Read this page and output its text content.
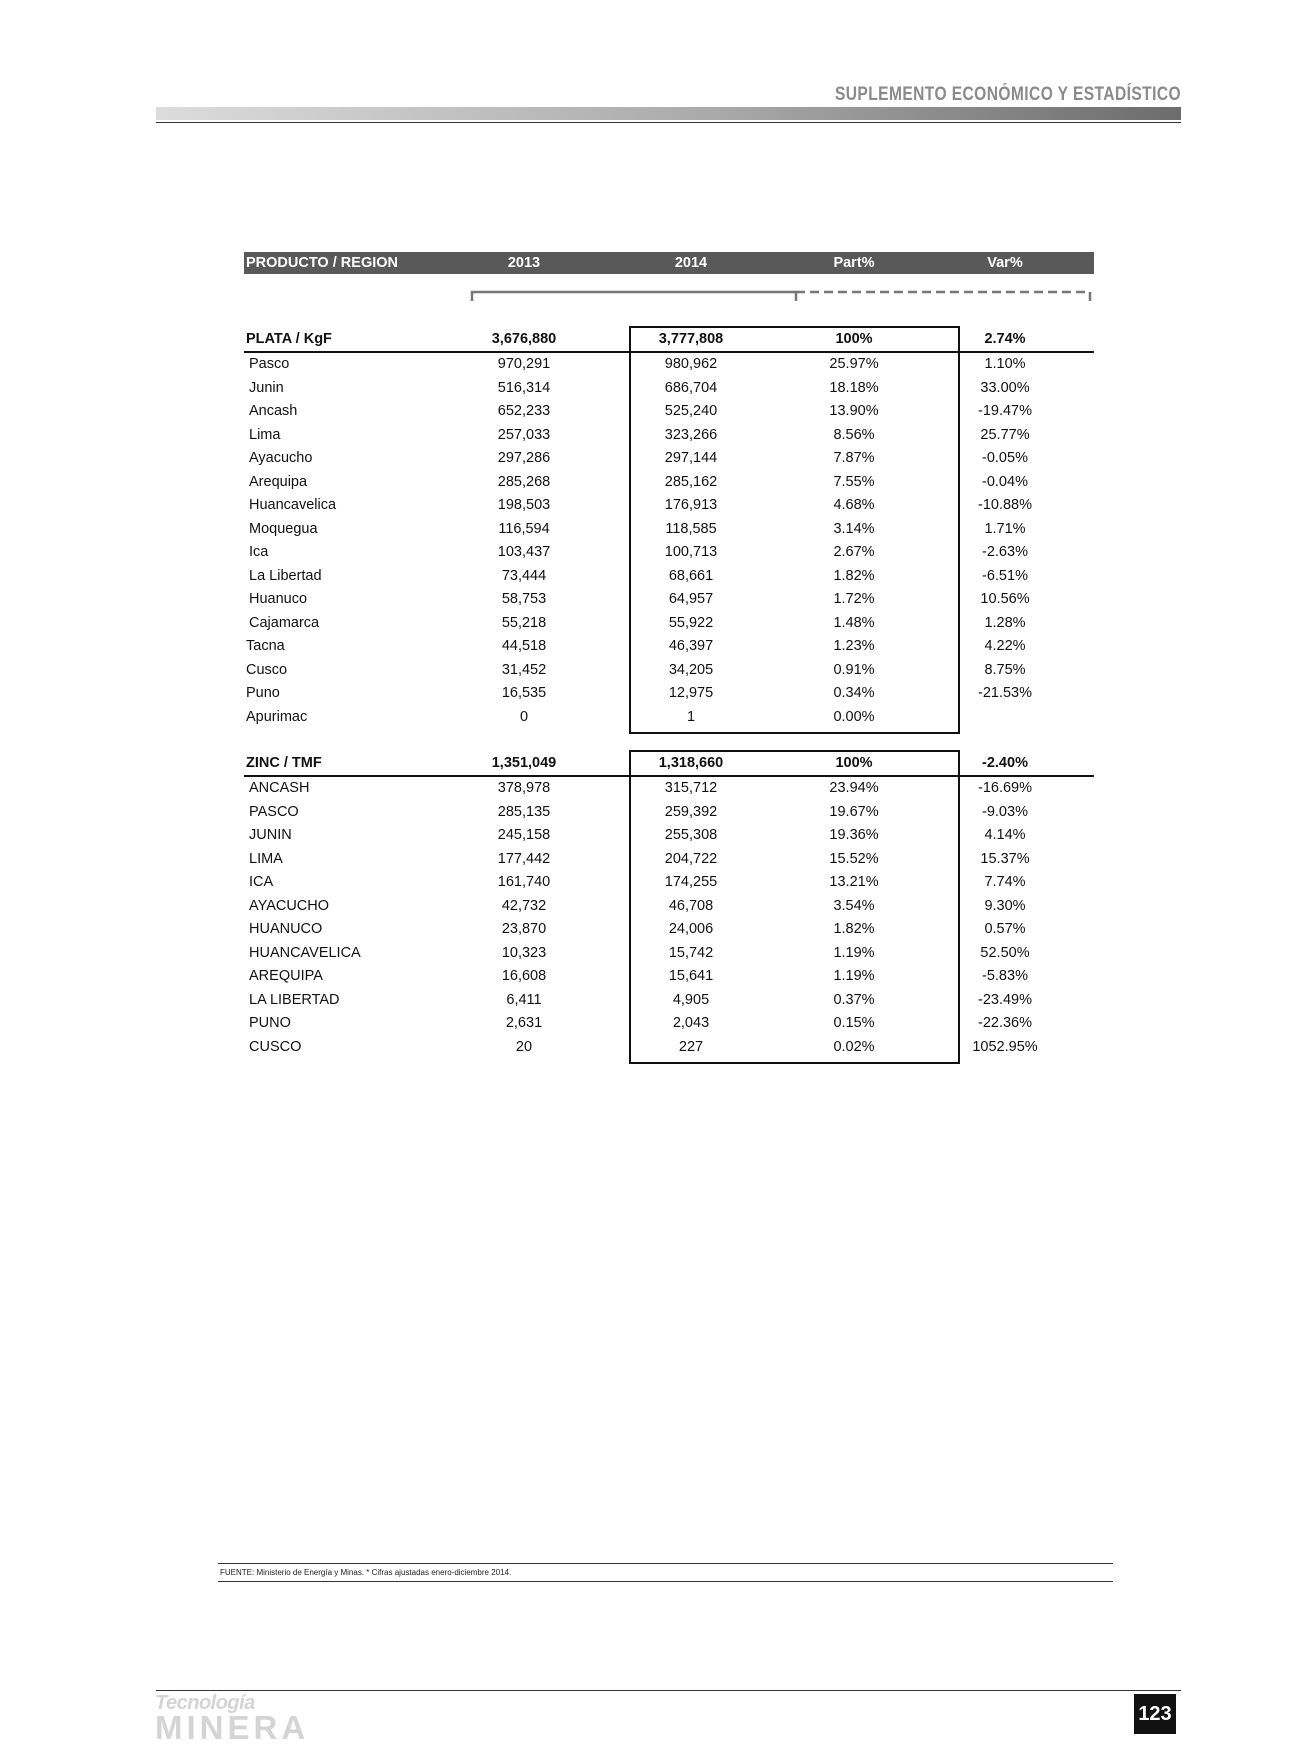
SUPLEMENTO ECONÓMICO Y ESTADÍSTICO
PRODUCTO / REGION	2013	2014	Part%	Var%
PLATA / KgF	3,676,880	3,777,808	100%	2.74%
Pasco	970,291	980,962	25.97%	1.10%
Junin	516,314	686,704	18.18%	33.00%
Ancash	652,233	525,240	13.90%	-19.47%
Lima	257,033	323,266	8.56%	25.77%
Ayacucho	297,286	297,144	7.87%	-0.05%
Arequipa	285,268	285,162	7.55%	-0.04%
Huancavelica	198,503	176,913	4.68%	-10.88%
Moquegua	116,594	118,585	3.14%	1.71%
Ica	103,437	100,713	2.67%	-2.63%
La Libertad	73,444	68,661	1.82%	-6.51%
Huanuco	58,753	64,957	1.72%	10.56%
Cajamarca	55,218	55,922	1.48%	1.28%
Tacna	44,518	46,397	1.23%	4.22%
Cusco	31,452	34,205	0.91%	8.75%
Puno	16,535	12,975	0.34%	-21.53%
Apurimac	0	1	0.00%
ZINC / TMF	1,351,049	1,318,660	100%	-2.40%
ANCASH	378,978	315,712	23.94%	-16.69%
PASCO	285,135	259,392	19.67%	-9.03%
JUNIN	245,158	255,308	19.36%	4.14%
LIMA	177,442	204,722	15.52%	15.37%
ICA	161,740	174,255	13.21%	7.74%
AYACUCHO	42,732	46,708	3.54%	9.30%
HUANUCO	23,870	24,006	1.82%	0.57%
HUANCAVELICA	10,323	15,742	1.19%	52.50%
AREQUIPA	16,608	15,641	1.19%	-5.83%
LA LIBERTAD	6,411	4,905	0.37%	-23.49%
PUNO	2,631	2,043	0.15%	-22.36%
CUSCO	20	227	0.02%	1052.95%
FUENTE: Ministerio de Energía y Minas. * Cifras ajustadas enero-diciembre 2014.
Tecnología
MINERA	123
